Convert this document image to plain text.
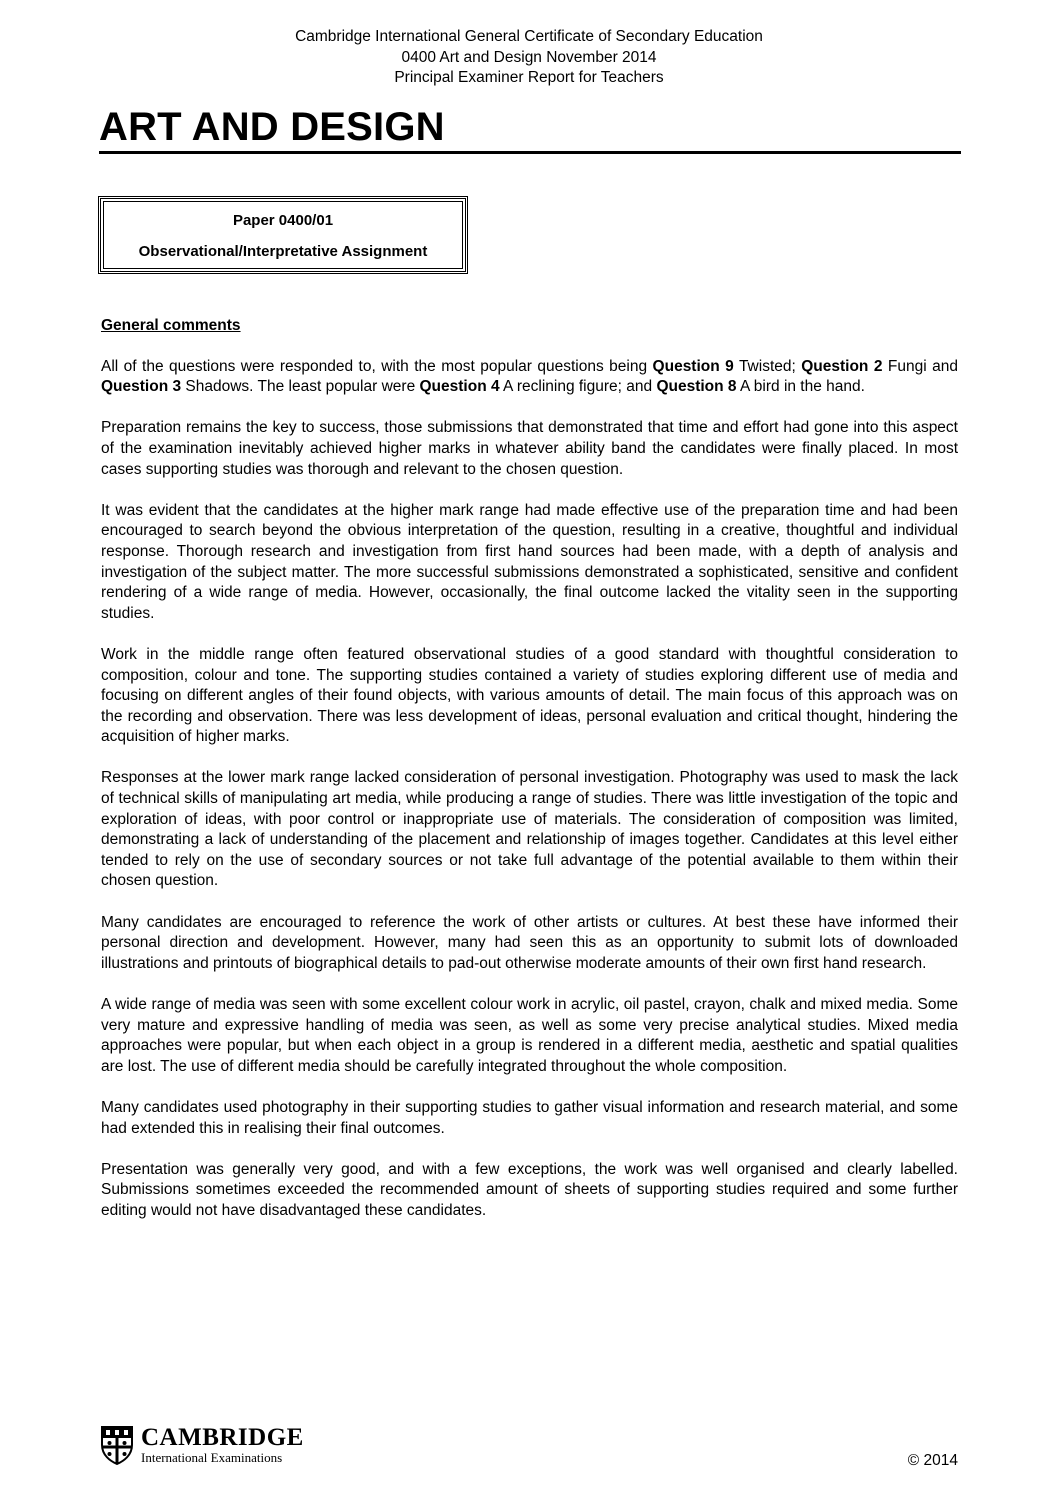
Cambridge International General Certificate of Secondary Education
0400 Art and Design November 2014
Principal Examiner Report for Teachers
ART AND DESIGN
Paper 0400/01
Observational/Interpretative Assignment
General comments

All of the questions were responded to, with the most popular questions being Question 9 Twisted; Question 2 Fungi and Question 3 Shadows. The least popular were Question 4 A reclining figure; and Question 8 A bird in the hand.

Preparation remains the key to success, those submissions that demonstrated that time and effort had gone into this aspect of the examination inevitably achieved higher marks in whatever ability band the candidates were finally placed. In most cases supporting studies was thorough and relevant to the chosen question.

It was evident that the candidates at the higher mark range had made effective use of the preparation time and had been encouraged to search beyond the obvious interpretation of the question, resulting in a creative, thoughtful and individual response. Thorough research and investigation from first hand sources had been made, with a depth of analysis and investigation of the subject matter. The more successful submissions demonstrated a sophisticated, sensitive and confident rendering of a wide range of media. However, occasionally, the final outcome lacked the vitality seen in the supporting studies.

Work in the middle range often featured observational studies of a good standard with thoughtful consideration to composition, colour and tone. The supporting studies contained a variety of studies exploring different use of media and focusing on different angles of their found objects, with various amounts of detail. The main focus of this approach was on the recording and observation. There was less development of ideas, personal evaluation and critical thought, hindering the acquisition of higher marks.

Responses at the lower mark range lacked consideration of personal investigation. Photography was used to mask the lack of technical skills of manipulating art media, while producing a range of studies. There was little investigation of the topic and exploration of ideas, with poor control or inappropriate use of materials. The consideration of composition was limited, demonstrating a lack of understanding of the placement and relationship of images together. Candidates at this level either tended to rely on the use of secondary sources or not take full advantage of the potential available to them within their chosen question.

Many candidates are encouraged to reference the work of other artists or cultures. At best these have informed their personal direction and development. However, many had seen this as an opportunity to submit lots of downloaded illustrations and printouts of biographical details to pad-out otherwise moderate amounts of their own first hand research.

A wide range of media was seen with some excellent colour work in acrylic, oil pastel, crayon, chalk and mixed media. Some very mature and expressive handling of media was seen, as well as some very precise analytical studies. Mixed media approaches were popular, but when each object in a group is rendered in a different media, aesthetic and spatial qualities are lost. The use of different media should be carefully integrated throughout the whole composition.

Many candidates used photography in their supporting studies to gather visual information and research material, and some had extended this in realising their final outcomes.

Presentation was generally very good, and with a few exceptions, the work was well organised and clearly labelled. Submissions sometimes exceeded the recommended amount of sheets of supporting studies required and some further editing would not have disadvantaged these candidates.

CAMBRIDGE
International Examinations	© 2014
